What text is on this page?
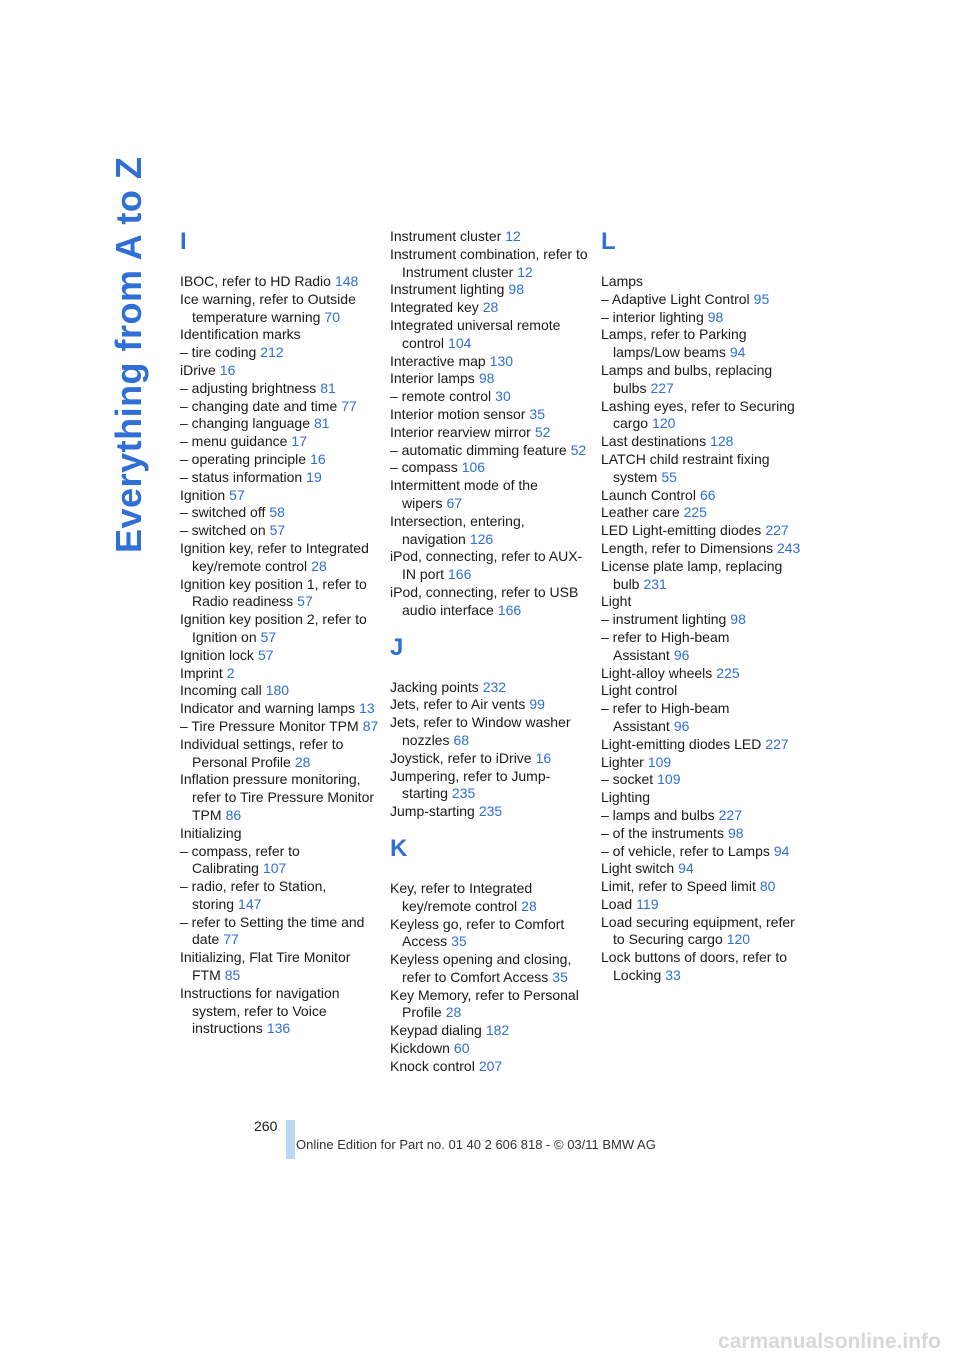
Everything from A to Z I

IBOC, refer to HD Radio 148

Ice warning, refer to Outside temperature warning 70

Identification marks

– tire coding 212

iDrive 16

– adjusting brightness 81

– changing date and time 77

– changing language 81

– menu guidance 17

– operating principle 16

– status information 19

Ignition 57

– switched off 58

– switched on 57

Ignition key, refer to Integrated key/remote control 28

Ignition key position 1, refer to Radio readiness 57

Ignition key position 2, refer to Ignition on 57

Ignition lock 57

Imprint 2

Incoming call 180

Indicator and warning lamps 13

– Tire Pressure Monitor TPM 87

Individual settings, refer to Personal Profile 28

Inflation pressure monitoring, refer to Tire Pressure Monitor TPM 86

Initializing

– compass, refer to Calibrating 107

– radio, refer to Station, storing 147

– refer to Setting the time and date 77

Initializing, Flat Tire Monitor FTM 85

Instructions for navigation system, refer to Voice instructions 136

Instrument cluster 12

Instrument combination, refer to Instrument cluster 12

Instrument lighting 98

Integrated key 28

Integrated universal remote control 104

Interactive map 130

Interior lamps 98

– remote control 30

Interior motion sensor 35

Interior rearview mirror 52

– automatic dimming feature 52

– compass 106

Intermittent mode of the wipers 67

Intersection, entering, navigation 126

iPod, connecting, refer to AUX-IN port 166

iPod, connecting, refer to USB audio interface 166

J

Jacking points 232

Jets, refer to Air vents 99

Jets, refer to Window washer nozzles 68

Joystick, refer to iDrive 16

Jumpering, refer to Jump-starting 235

Jump-starting 235

K

Key, refer to Integrated key/remote control 28

Keyless go, refer to Comfort Access 35

Keyless opening and closing, refer to Comfort Access 35

Key Memory, refer to Personal Profile 28

Keypad dialing 182

Kickdown 60

Knock control 207

L

Lamps

– Adaptive Light Control 95

– interior lighting 98

Lamps, refer to Parking lamps/Low beams 94

Lamps and bulbs, replacing bulbs 227

Lashing eyes, refer to Securing cargo 120

Last destinations 128

LATCH child restraint fixing system 55

Launch Control 66

Leather care 225

LED Light-emitting diodes 227

Length, refer to Dimensions 243

License plate lamp, replacing bulb 231

Light

– instrument lighting 98

– refer to High-beam Assistant 96

Light-alloy wheels 225

Light control

– refer to High-beam Assistant 96

Light-emitting diodes LED 227

Lighter 109

– socket 109

Lighting

– lamps and bulbs 227

– of the instruments 98

– of vehicle, refer to Lamps 94

Light switch 94

Limit, refer to Speed limit 80

Load 119

Load securing equipment, refer to Securing cargo 120

Lock buttons of doors, refer to Locking 33

260
Online Edition for Part no. 01 40 2 606 818 - © 03/11 BMW AG
carmanualsonline.info
